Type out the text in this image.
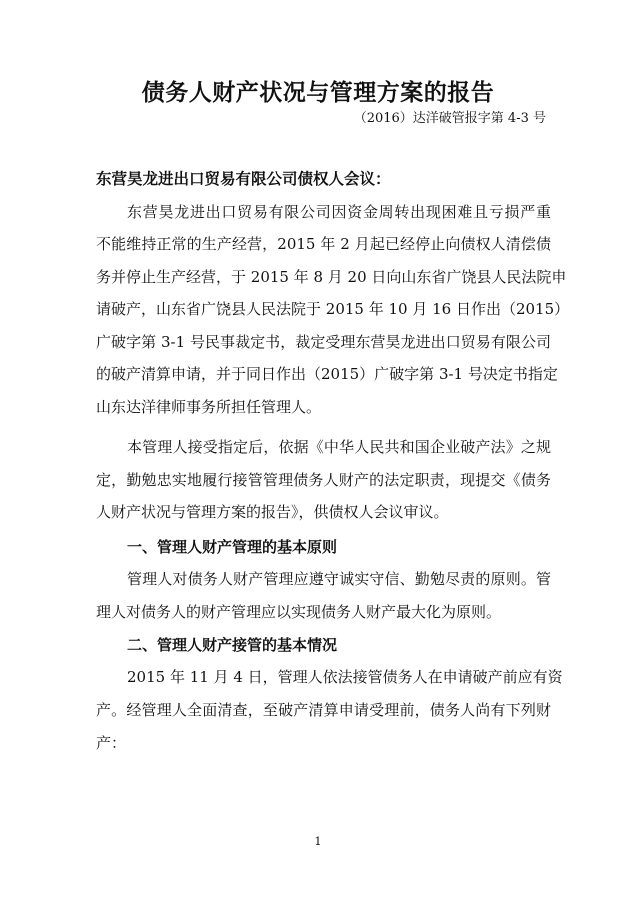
债务人财产状况与管理方案的报告
（2016）达洋破管报字第 4-3 号
东营昊龙进出口贸易有限公司债权人会议：
东营昊龙进出口贸易有限公司因资金周转出现困难且亏损严重
不能维持正常的生产经营，2015 年 2 月起已经停止向债权人清偿债
务并停止生产经营，于 2015 年 8 月 20 日向山东省广饶县人民法院申
请破产，山东省广饶县人民法院于 2015 年 10 月 16 日作出（2015）
广破字第 3-1 号民事裁定书，裁定受理东营昊龙进出口贸易有限公司
的破产清算申请，并于同日作出（2015）广破字第 3-1 号决定书指定
山东达洋律师事务所担任管理人。
本管理人接受指定后，依据《中华人民共和国企业破产法》之规
定，勤勉忠实地履行接管管理债务人财产的法定职责，现提交《债务
人财产状况与管理方案的报告》，供债权人会议审议。
一、管理人财产管理的基本原则
管理人对债务人财产管理应遵守诚实守信、勤勉尽责的原则。管
理人对债务人的财产管理应以实现债务人财产最大化为原则。
二、管理人财产接管的基本情况
2015 年 11 月 4 日，管理人依法接管债务人在申请破产前应有资
产。经管理人全面清查，至破产清算申请受理前，债务人尚有下列财
产：
1
